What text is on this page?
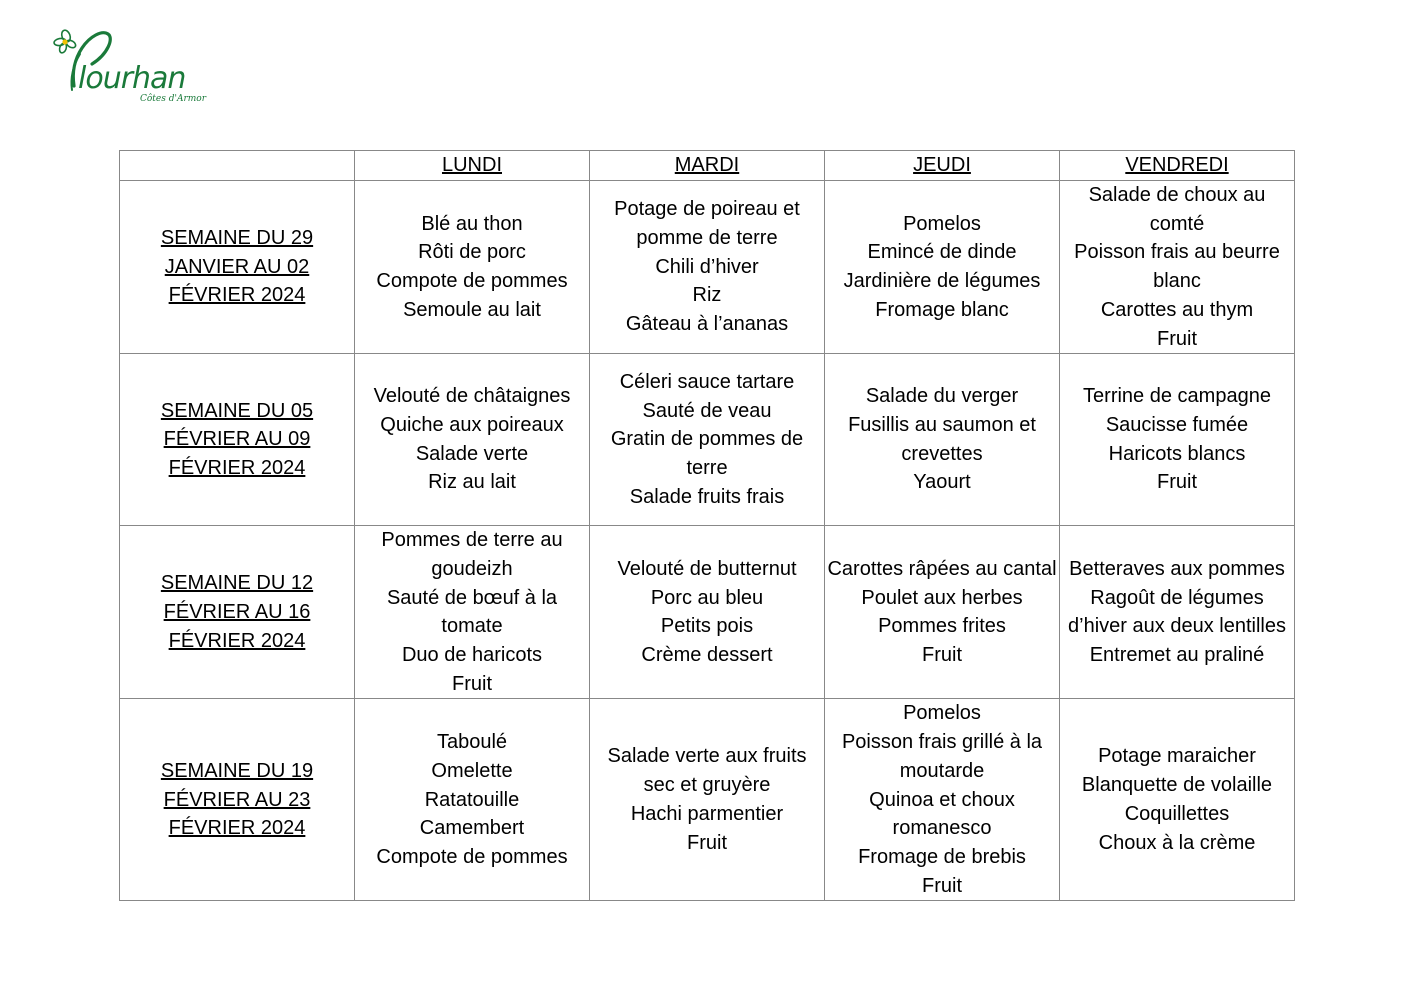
lourhan
Côtes d'Armor
	LUNDI	MARDI	JEUDI	VENDREDI

SEMAINE DU 29
JANVIER AU 02
FÉVRIER 2024	Blé au thon
Rôti de porc
Compote de pommes
Semoule au lait	Potage de poireau et pomme de terre
Chili d’hiver
Riz
Gâteau à l’ananas	Pomelos
Emincé de dinde
Jardinière de légumes
Fromage blanc	Salade de choux au comté
Poisson frais au beurre blanc
Carottes au thym
Fruit

SEMAINE DU 05
FÉVRIER AU 09
FÉVRIER 2024	Velouté de châtaignes
Quiche aux poireaux
Salade verte
Riz au lait	Céleri sauce tartare
Sauté de veau
Gratin de pommes de terre
Salade fruits frais	Salade du verger
Fusillis au saumon et crevettes
Yaourt	Terrine de campagne
Saucisse fumée
Haricots blancs
Fruit

SEMAINE DU 12
FÉVRIER AU 16
FÉVRIER 2024	Pommes de terre au goudeizh
Sauté de bœuf à la tomate
Duo de haricots
Fruit	Velouté de butternut
Porc au bleu
Petits pois
Crème dessert	Carottes râpées au cantal
Poulet aux herbes
Pommes frites
Fruit	Betteraves aux pommes
Ragoût de légumes d’hiver aux deux lentilles
Entremet au praliné

SEMAINE DU 19
FÉVRIER AU 23
FÉVRIER 2024	Taboulé
Omelette
Ratatouille
Camembert
Compote de pommes	Salade verte aux fruits sec et gruyère
Hachi parmentier
Fruit	Pomelos
Poisson frais grillé à la moutarde
Quinoa et choux romanesco
Fromage de brebis
Fruit	Potage maraicher
Blanquette de volaille
Coquillettes
Choux à la crème
